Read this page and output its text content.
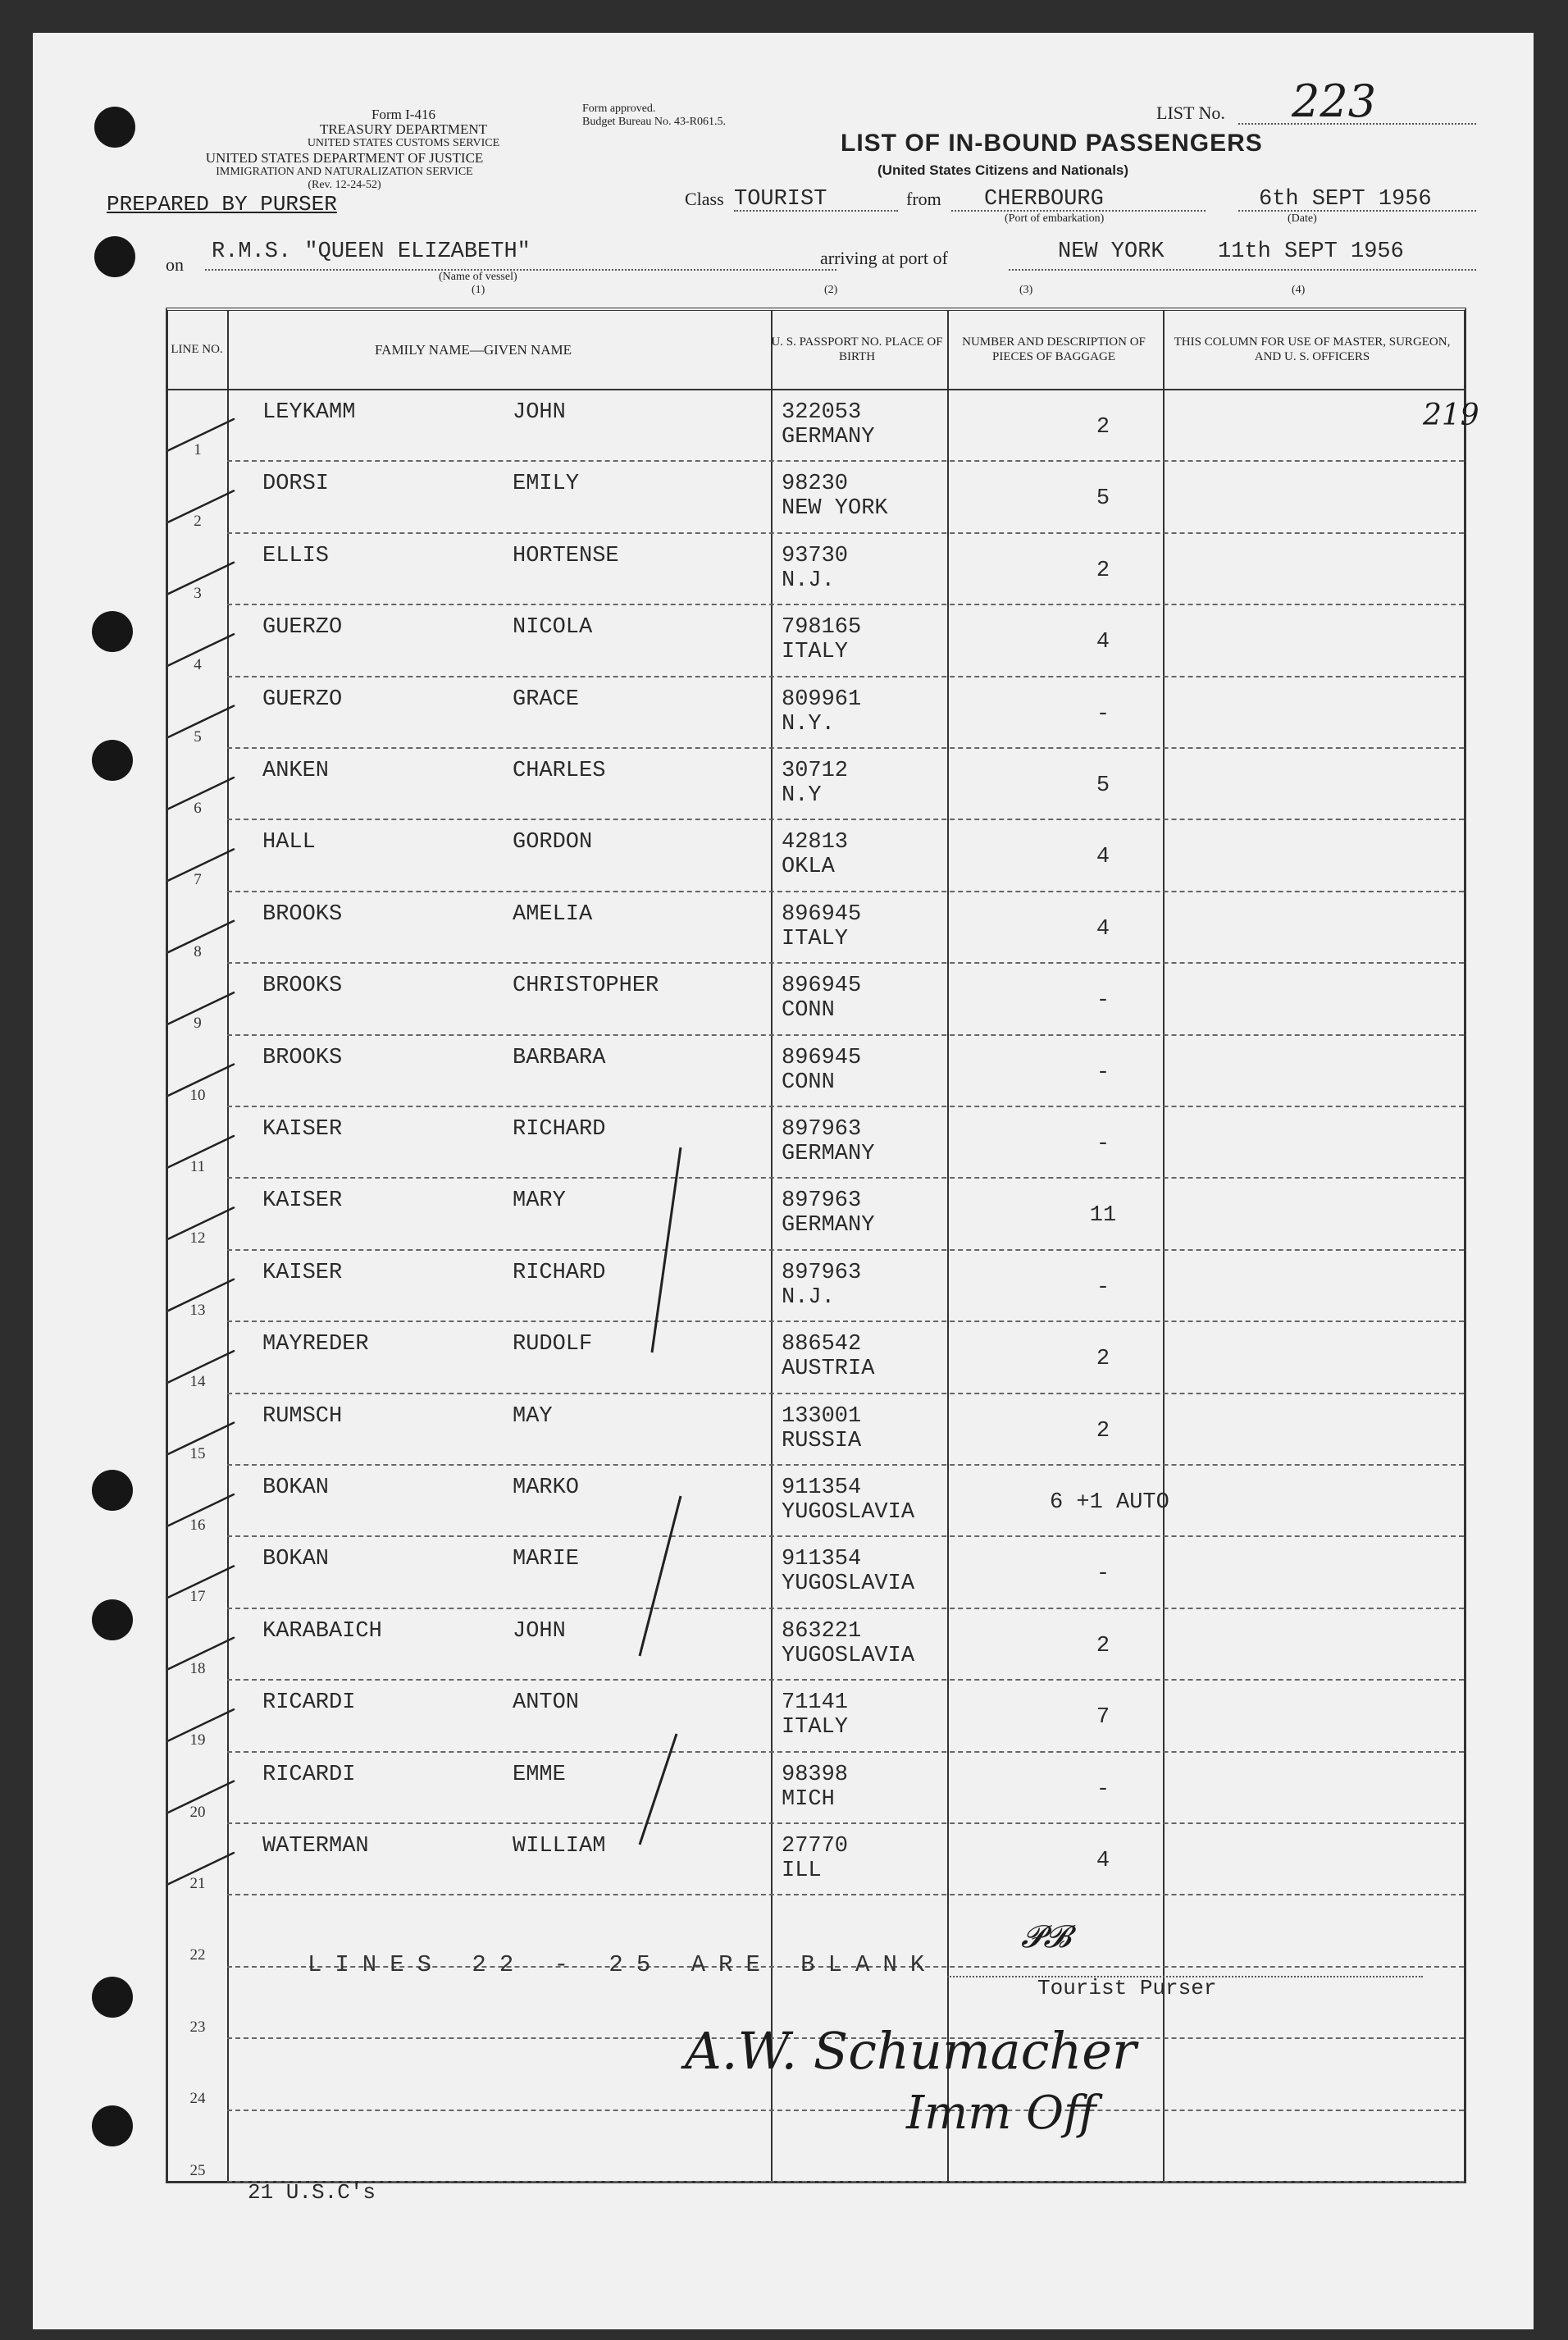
Form I-416
TREASURY DEPARTMENT
UNITED STATES CUSTOMS SERVICE
UNITED STATES DEPARTMENT OF JUSTICE
IMMIGRATION AND NATURALIZATION SERVICE
(Rev. 12-24-52)
PREPARED BY PURSER
Form approved.
Budget Bureau No. 43-R061.5.
LIST OF IN-BOUND PASSENGERS
(United States Citizens and Nationals)
LIST No. 223
Class TOURIST	from CHERBOURG
(Port of embarkation)
6th SEPT 1956
(Date)
on
R.M.S. "QUEEN ELIZABETH"
(Name of vessel)
(1)
arriving at port of	NEW YORK 11th SEPT 1956
(2)	(3)	(4)
LINE NO.	FAMILY NAME—GIVEN NAME	U. S. PASSPORT NO. PLACE OF BIRTH
NUMBER AND DESCRIPTION OF PIECES OF BAGGAGE
THIS COLUMN FOR USE OF MASTER, SURGEON, AND U. S. OFFICERS
1
LEYKAMM	JOHN	322053
GERMANY	2	219
2
DORSI	EMILY	98230
NEW YORK	5
3
ELLIS	HORTENSE	93730
N.J.	2
4
GUERZO	NICOLA	798165
ITALY	4
5
GUERZO	GRACE	809961
N.Y.	-
6
ANKEN	CHARLES	30712
N.Y	5
7
HALL	GORDON	42813
OKLA	4
8
BROOKS	AMELIA	896945
ITALY	4
9
BROOKS	CHRISTOPHER	896945
CONN	-
10
BROOKS	BARBARA	896945
CONN	-
11
KAISER	RICHARD	897963
GERMANY	-
12
KAISER	MARY	897963
GERMANY	11
13
KAISER	RICHARD	897963
N.J.	-
14
MAYREDER	RUDOLF	886542
AUSTRIA	2
15
RUMSCH	MAY	133001
RUSSIA	2
16
BOKAN	MARKO	911354
YUGOSLAVIA	6 +1 AUTO
17
BOKAN	MARIE	911354
YUGOSLAVIA	-
18
KARABAICH	JOHN	863221
YUGOSLAVIA	2
19
RICARDI	ANTON	71141
ITALY	7
20
RICARDI	EMME	98398
MICH	-
21
WATERMAN	WILLIAM	27770
ILL	4
22
23
24
25
LINES 22 - 25 ARE BLANK
Tourist Purser
𝓟𝓑
A.W. Schumacher
Imm Off
21 U.S.C's
